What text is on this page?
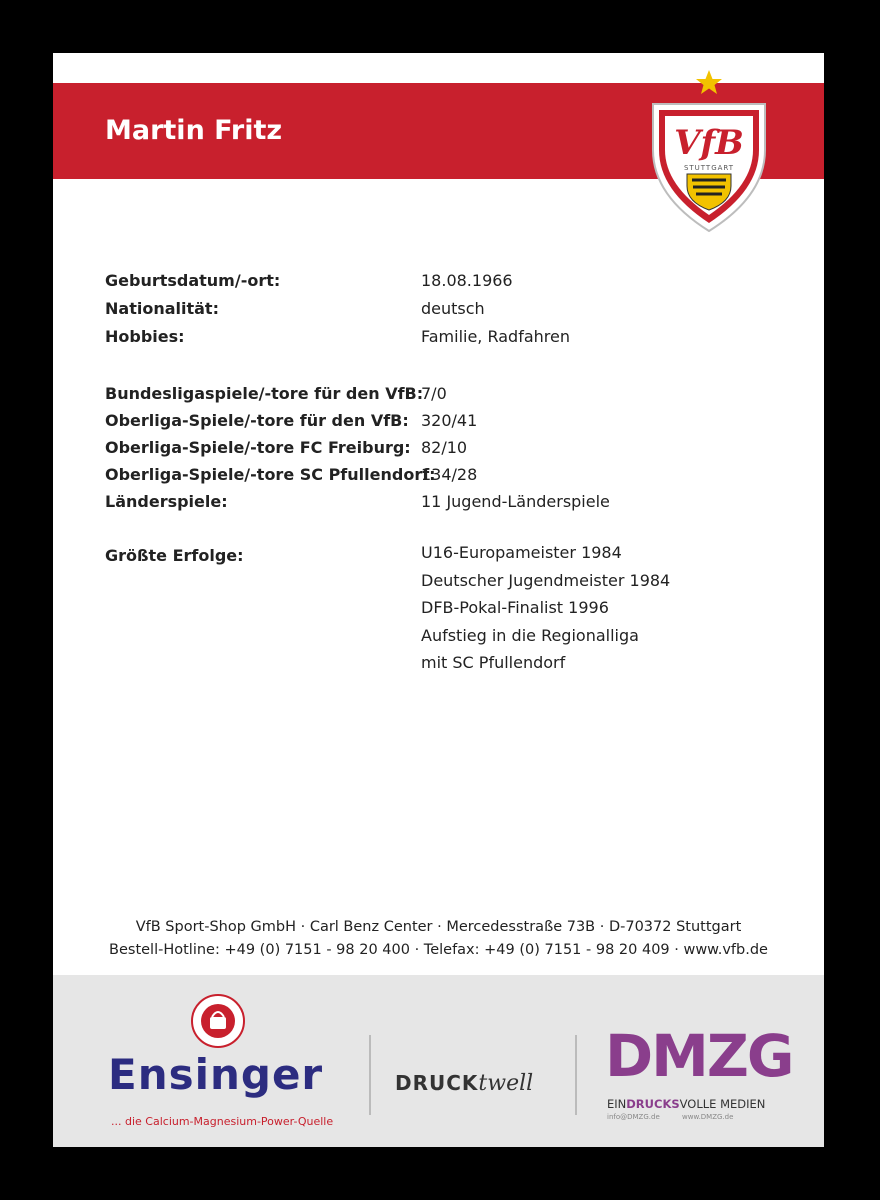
Martin Fritz	VfB
STUTTGART
Geburtsdatum/-ort:	18.08.1966
Nationalität:	deutsch
Hobbies:	Familie, Radfahren
Bundesligaspiele/-tore für den VfB:
7/0
Oberliga-Spiele/-tore für den VfB: 320/41
Oberliga-Spiele/-tore FC Freiburg: 82/10
Oberliga-Spiele/-tore SC Pfullendorf:
134/28
Länderspiele:	11 Jugend-Länderspiele
Größte Erfolge:	U16-Europameister 1984
Deutscher Jugendmeister 1984
DFB-Pokal-Finalist 1996
Aufstieg in die Regionalliga
mit SC Pfullendorf
VfB Sport-Shop GmbH · Carl Benz Center · Mercedesstraße 73B · D-70372 Stuttgart
Bestell-Hotline: +49 (0) 7151 - 98 20 400 · Telefax: +49 (0) 7151 - 98 20 409 · www.vfb.de
Ensinger
... die Calcium-Magnesium-Power-Quelle
DRUCKtwell DMZG
EINDRUCKSVOLLE MEDIEN
info@DMZG.de	www.DMZG.de
